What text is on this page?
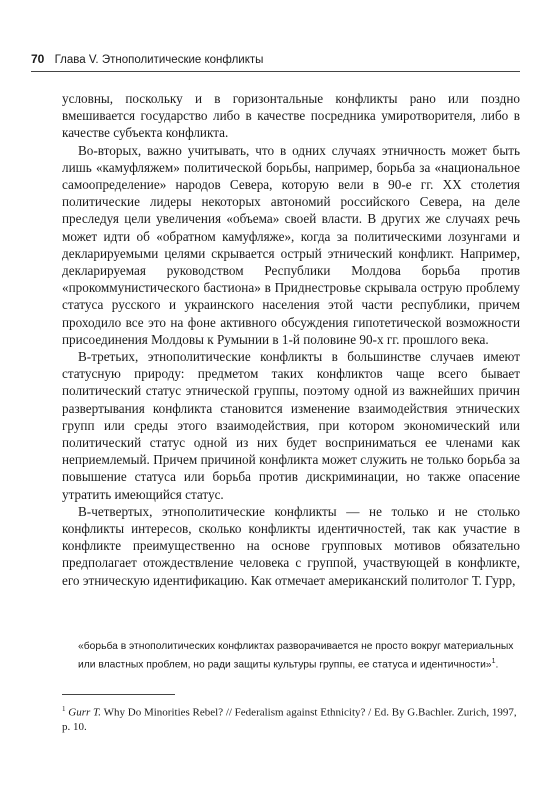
70 Глава V. Этнополитические конфликты

условны, поскольку и в горизонтальные конфликты рано или поздно вмешивается государство либо в качестве посредника умиротворителя, либо в качестве субъекта конфликта.

Во-вторых, важно учитывать, что в одних случаях этничность может быть лишь «камуфляжем» политической борьбы, например, борьба за «национальное самоопределение» народов Севера, которую вели в 90-е гг. XX столетия политические лидеры некоторых автономий российского Севера, на деле преследуя цели увеличения «объема» своей власти. В других же случаях речь может идти об «обратном камуфляже», когда за политическими лозунгами и декларируемыми целями скрывается острый этнический конфликт. Например, декларируемая руководством Республики Молдова борьба против «прокоммунистического бастиона» в Приднестровье скрывала острую проблему статуса русского и украинского населения этой части республики, причем проходило все это на фоне активного обсуждения гипотетической возможности присоединения Молдовы к Румынии в 1-й половине 90-х гг. прошлого века.

В-третьих, этнополитические конфликты в большинстве случаев имеют статусную природу: предметом таких конфликтов чаще всего бывает политический статус этнической группы, поэтому одной из важнейших причин развертывания конфликта становится изменение взаимодействия этнических групп или среды этого взаимодействия, при котором экономический или политический статус одной из них будет восприниматься ее членами как неприемлемый. Причем причиной конфликта может служить не только борьба за повышение статуса или борьба против дискриминации, но также опасение утратить имеющийся статус.

В-четвертых, этнополитические конфликты — не только и не столько конфликты интересов, сколько конфликты идентичностей, так как участие в конфликте преимущественно на основе групповых мотивов обязательно предполагает отождествление человека с группой, участвующей в конфликте, его этническую идентификацию. Как отмечает американский политолог Т. Гурр,

«борьба в этнополитических конфликтах разворачивается не просто вокруг материальных или властных проблем, но ради защиты культуры группы, ее статуса и идентичности»$^1$.
$^1$ Gurr T. Why Do Minorities Rebel? // Federalism against Ethnicity? / Ed. By G.Bachler. Zurich, 1997, p. 10.
